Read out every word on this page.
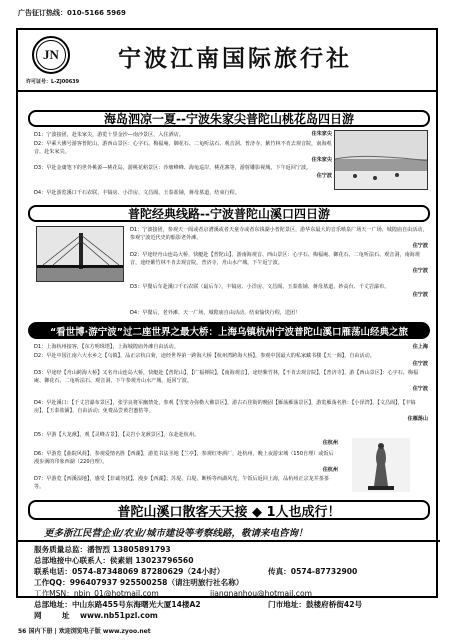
广告征订热线：010-5166 5969
JN
许可证号：L-ZJ00639
宁波江南国际旅行社
海岛泗凉一夏--宁波朱家尖普陀山桃花岛四日游
D1：宁波接团，赴朱家尖，游览十里金沙—南沙景区，入住酒店。	住朱家尖
D2：早乘大佛号游客普陀山，游西山景区：心字石、梅福庵、御花石、二龟听法石、观音洞、普济寺、紫竹林不肯去观音院，南海观音，赴朱家尖。
住朱家尖
D3：早赴金庸笔下的世外桃源—桃花岛，游桃花峪景区：沙塘峰峰、海龟巡岸、桃花寨等，游射雕影视城，下午返回宁波。
住宁波
D4：早赴游览溪口千石农联，丰镐房、小洋房、文昌阁、玉泰盐铺，蒋母墓道，结束行程。
普陀经典线路--宁波普陀山溪口四日游
D1：宁波接团，参观天一阁或者京漕溪或者天童寺或者东钱湖小普陀景区，游华东最大的音乐喷泉广场天一广场、城隍庙自由活动，参观宁波近代史的船影老外滩。
住宁波
D2：早途经舟山连岛大桥，快艇赴【普陀山】，游南海观音、西山景区：心字石、梅福庵、御花石、二龟听法石、观音洞，南海观音，途经紫竹林不肯去观音院，普济寺，舟山水产城，下午返宁波。
住宁波
D3：早餐后车赴溪口千石农联（最后车），丰镐房、小洋房、文昌阁、玉泰盐铺、蒋母墓道、妙高台、千丈岩瀑布。
住宁波
D4：早餐后，老外滩、天一广场、城隍庙自由活动，结束愉快行程，送团！
“看世博·游宁波”过二座世界之最大桥：上海乌镇杭州宁波普陀山溪口雁荡山经典之旅
D1：上海杭州接客，【东方明珠塔】，上海城隍庙外滩自由活动。	住上海
D2：早赴中国江南六大水乡之【乌镇】，品正宗杭白菊，途经世界第一跨海大桥【杭州湾跨海大桥】，参观中国最大的私家藏书楼【天一阁】，自由活动。
住宁波
D3：早途经【舟山跨海大桥】又名舟山连岛大桥，快艇赴【普陀山】，【广福禅院】，【南海观音】，途经紫竹林，【不肯去观音院】，【普济寺】，游【西山景区】：心字石、梅福庵、御花石、二龟听法石、观音洞，下午参观舟山水产城，返回宁波。
住宁波
D4：早赴溪口：【千丈岩瀑布景区】，张学良将军幽禁处，参观【雪窦寺弥勒大佛景区】，游古石佳街的晚固【雁荡雁荡景区】，游览雁荡名胜：【小泽湾】，【文昌阁】，【丰镐房】，【玉泰盐铺】，自由活动；免费品尝黄岩蜜桔等。
住雁荡山
D5：早游【大龙湫】，观【灵峰古景】，【灵岩小龙湫景区】，东赴赴杭州。
住杭州
D6：早游览【曲院风荷】，参观爱情名胜【西湖】，游览书法圣地【兰亭】，参观红枣酒厂，赴杭州，晚上夜游宋城（150自理）或饭后漫步满的印象西湖（220自理）。
住杭州
D7：早游览【西溪湿地】，感受【非诚勿扰】，漫步【西湖】；苏堤、白堤、断桥等西湖风光，午饭后返回上海，品杭州正宗龙井茶茶等。
普陀山溪口散客天天接 ◆ 1人也成行！
更多浙江民营企业/农业/城市建设等考察线路，敬请来电咨询！
服务质量总监：潘智烈 13805891793
总部地接中心联系人：侯素娟 13023796560
联系电话：0574-87348069 87280629（24小时）	传真：0574-87732900
工作QQ：996407937 925500258（请注明旅行社名称）
工作MSN：nbjn_01@hotmail.com	jiangnanhou@hotmail.com
总部地址：中山东路455号东海曙光大厦14楼A2	门市地址：鼓楼府桥街42号
网	址 www.nb51pzl.com
56 国内下册 | 欢迎浏览电子版 www.zyoo.net
